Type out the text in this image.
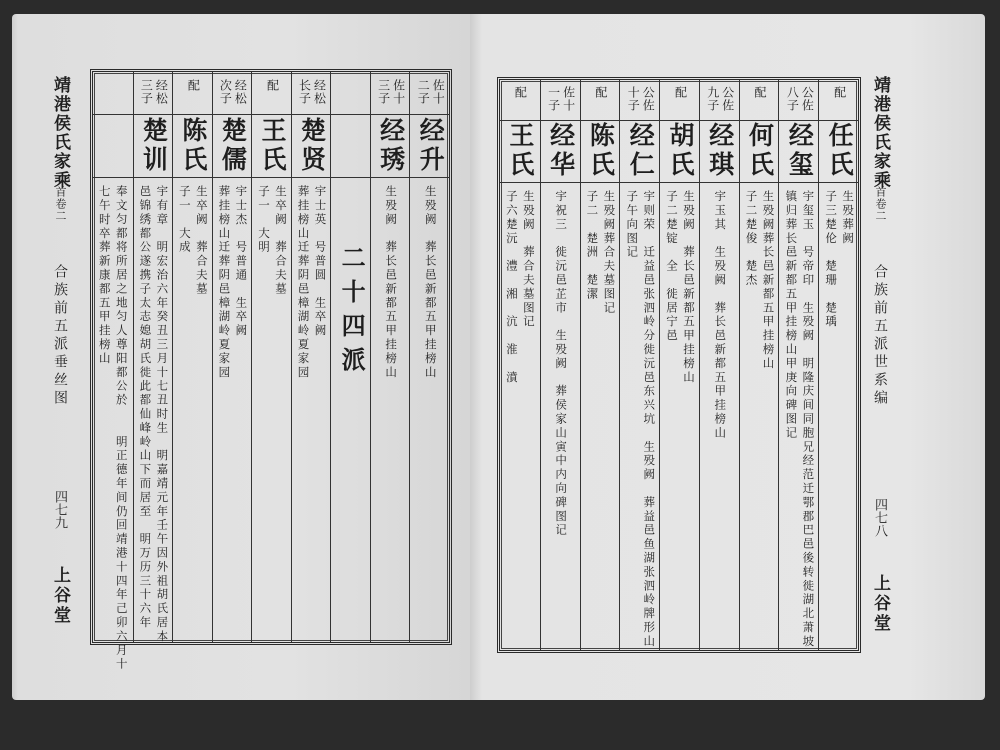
靖港侯氏家乘
首卷二
合族前五派垂丝图
四七九
上谷堂	奉文匀都将所居之地匀人尊阳都公於　　明正德年间仍回靖港十四年己卯六月十
七午时卒葬新康都五甲挂榜山
经松三子
楚训
宇有章　明宏治六年癸丑三月十七丑时生　明嘉靖元年壬午因外祖胡氏居本
邑锦绣都公遂携子太志媳胡氏徙此都仙峰岭山下而居至　明万历三十六年
配
陈氏
生卒阙　葬合夫墓
子一　大成
经松次子
楚儒
宇士杰　号普通　生卒阙
葬挂榜山迁葬阴邑樟湖岭夏家园
配
王氏
生卒阙　葬合夫墓
子一　大明
经松长子
楚贤
宇士英　号普圆　生卒阙
葬挂榜山迁葬阴邑樟湖岭夏家园 二十四派
佐十三子
经琇
生殁阙　葬长邑新都五甲挂榜山
佐十二子
经升
生殁阙　葬长邑新都五甲挂榜山
配
王氏
生殁阙　葬合夫墓图记
子六楚沅　澧　湘　沆　淮　濆
佐十一子
经华
宇祝三　徙沅邑芷市　生殁阙　葬侯家山寅中内向碑图记
配
陈氏
生殁阙葬合夫墓图记
子二　楚洲　楚潔
公佐十子
经仁
宇则荣　迁益邑张泗岭分徙沅邑东兴坑　生殁阙　葬益邑鱼湖张泗岭牌形山
子午向图记
配
胡氏
生殁阙　葬长邑新都五甲挂榜山
子二楚锭　全　徙居宁邑
公佐九子
经琪
宇玉其　生殁阙　葬长邑新都五甲挂榜山
配
何氏
生殁阙葬长邑新都五甲挂榜山
子二楚俊　楚杰
公佐八子
经玺
宇玺玉　号帝印　生殁阙　明隆庆间同胞兄经范迁鄂郡巴邑後转徙湖北萧坡
镇归葬长邑新都五甲挂榜山甲庚向碑图记
配
任氏
生殁葬阙
子三楚伦　楚珊　楚瑀
靖港侯氏家乘
首卷二
合族前五派世系编
四七八
上谷堂
